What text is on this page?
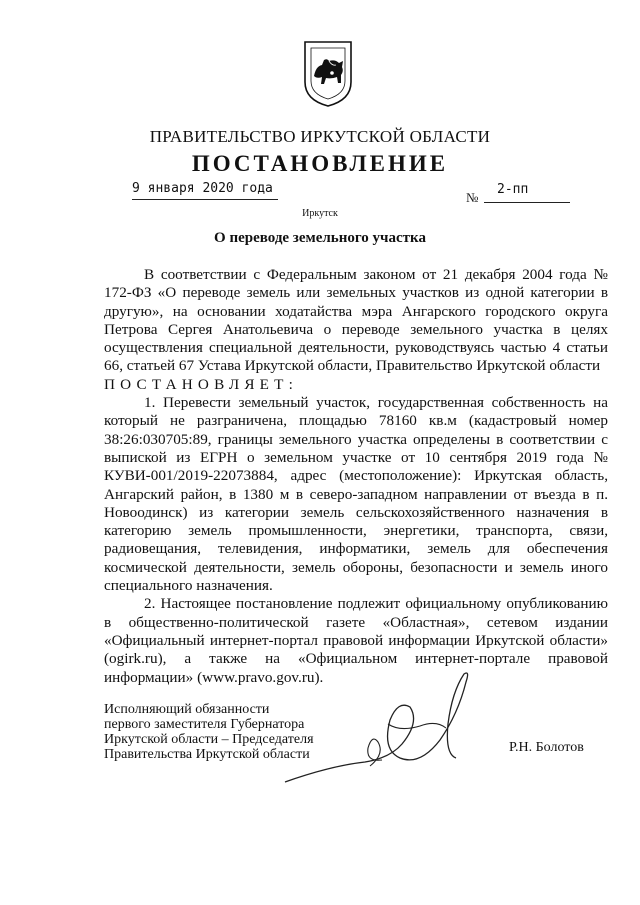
ПРАВИТЕЛЬСТВО ИРКУТСКОЙ ОБЛАСТИ
ПОСТАНОВЛЕНИЕ
9 января 2020 года
№
2-пп
Иркутск
О переводе земельного участка

В соответствии с Федеральным законом от 21 декабря 2004 года № 172-ФЗ «О переводе земель или земельных участков из одной категории в другую», на основании ходатайства мэра Ангарского городского округа Петрова Сергея Анатольевича о переводе земельного участка в целях осуществления специальной деятельности, руководствуясь частью 4 статьи 66, статьей 67 Устава Иркутской области, Правительство Иркутской области

ПОСТАНОВЛЯЕТ:

1. Перевести земельный участок, государственная собственность на который не разграничена, площадью 78160 кв.м (кадастровый номер 38:26:030705:89, границы земельного участка определены в соответствии с выпиской из ЕГРН о земельном участке от 10 сентября 2019 года № КУВИ-001/2019-22073884, адрес (местоположение): Иркутская область, Ангарский район, в 1380 м в северо-западном направлении от въезда в п. Новоодинск) из категории земель сельскохозяйственного назначения в категорию земель промышленности, энергетики, транспорта, связи, радиовещания, телевидения, информатики, земель для обеспечения космической деятельности, земель обороны, безопасности и земель иного специального назначения.

2. Настоящее постановление подлежит официальному опубликованию в общественно-политической газете «Областная», сетевом издании «Официальный интернет-портал правовой информации Иркутской области» (ogirk.ru), а также на «Официальном интернет-портале правовой информации» (www.pravo.gov.ru).

Исполняющий обязанности
первого заместителя Губернатора
Иркутской области – Председателя
Правительства Иркутской области	Р.Н. Болотов
